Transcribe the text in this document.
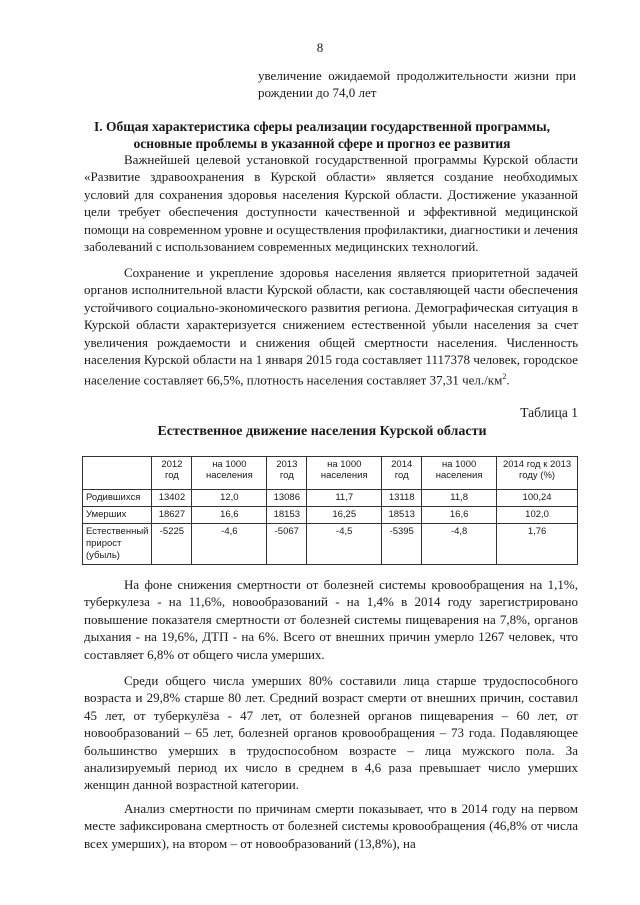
8
увеличение ожидаемой продолжительности жизни при рождении до 74,0 лет
I. Общая характеристика сферы реализации государственной программы, основные проблемы в указанной сфере и прогноз ее развития

Важнейшей целевой установкой государственной программы Курской области «Развитие здравоохранения в Курской области» является создание необходимых условий для сохранения здоровья населения Курской области. Достижение указанной цели требует обеспечения доступности качественной и эффективной медицинской помощи на современном уровне и осуществления профилактики, диагностики и лечения заболеваний с использованием современных медицинских технологий.

Сохранение и укрепление здоровья населения является приоритетной задачей органов исполнительной власти Курской области, как составляющей части обеспечения устойчивого социально-экономического развития региона. Демографическая ситуация в Курской области характеризуется снижением естественной убыли населения за счет увеличения рождаемости и снижения общей смертности населения. Численность населения Курской области на 1 января 2015 года составляет 1117378 человек, городское население составляет 66,5%, плотность населения составляет 37,31 $чел./км^2$.

Таблица 1
Естественное движение населения Курской области
	2012 год	на 1000 населения	2013 год	на 1000 населения	2014 год	на 1000 населения	2014 год к 2013 году (%)
Родившихся	13402	12,0	13086	11,7	13118	11,8	100,24
Умерших	18627	16,6	18153	16,25	18513	16,6	102,0
Естественный прирост (убыль)	-5225	-4,6	-5067	-4,5	-5395	-4,8	1,76

На фоне снижения смертности от болезней системы кровообращения на 1,1%, туберкулеза - на 11,6%, новообразований - на 1,4% в 2014 году зарегистрировано повышение показателя смертности от болезней системы пищеварения на 7,8%, органов дыхания - на 19,6%, ДТП - на 6%. Всего от внешних причин умерло 1267 человек, что составляет 6,8% от общего числа умерших.

Среди общего числа умерших 80% составили лица старше трудоспособного возраста и 29,8% старше 80 лет. Средний возраст смерти от внешних причин, составил 45 лет, от туберкулёза - 47 лет, от болезней органов пищеварения – 60 лет, от новообразований – 65 лет, болезней органов кровообращения – 73 года. Подавляющее большинство умерших в трудоспособном возрасте – лица мужского пола. За анализируемый период их число в среднем в 4,6 раза превышает число умерших женщин данной возрастной категории.

Анализ смертности по причинам смерти показывает, что в 2014 году на первом месте зафиксирована смертность от болезней системы кровообращения (46,8% от числа всех умерших), на втором – от новообразований (13,8%), на
